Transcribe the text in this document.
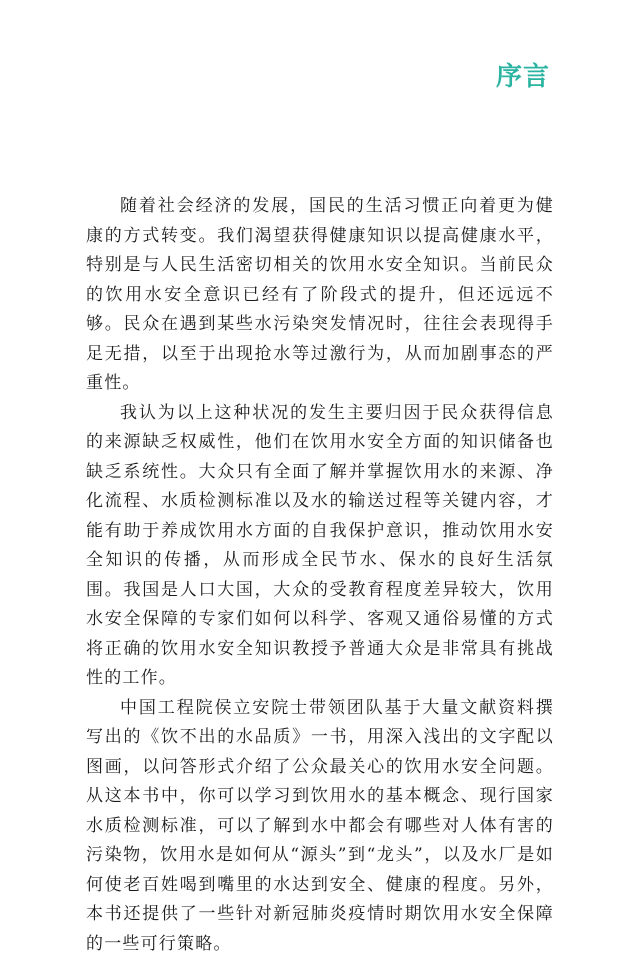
序言

随着社会经济的发展，国民的生活习惯正向着更为健康的方式转变。我们渴望获得健康知识以提高健康水平，特别是与人民生活密切相关的饮用水安全知识。当前民众的饮用水安全意识已经有了阶段式的提升，但还远远不够。民众在遇到某些水污染突发情况时，往往会表现得手足无措，以至于出现抢水等过激行为，从而加剧事态的严重性。

我认为以上这种状况的发生主要归因于民众获得信息的来源缺乏权威性，他们在饮用水安全方面的知识储备也缺乏系统性。大众只有全面了解并掌握饮用水的来源、净化流程、水质检测标准以及水的输送过程等关键内容，才能有助于养成饮用水方面的自我保护意识，推动饮用水安全知识的传播，从而形成全民节水、保水的良好生活氛围。我国是人口大国，大众的受教育程度差异较大，饮用水安全保障的专家们如何以科学、客观又通俗易懂的方式将正确的饮用水安全知识教授予普通大众是非常具有挑战性的工作。

中国工程院侯立安院士带领团队基于大量文献资料撰写出的《饮不出的水品质》一书，用深入浅出的文字配以图画，以问答形式介绍了公众最关心的饮用水安全问题。从这本书中，你可以学习到饮用水的基本概念、现行国家水质检测标准，可以了解到水中都会有哪些对人体有害的污染物，饮用水是如何从“源头”到“龙头”，以及水厂是如何使老百姓喝到嘴里的水达到安全、健康的程度。另外，本书还提供了一些针对新冠肺炎疫情时期饮用水安全保障的一些可行策略。
